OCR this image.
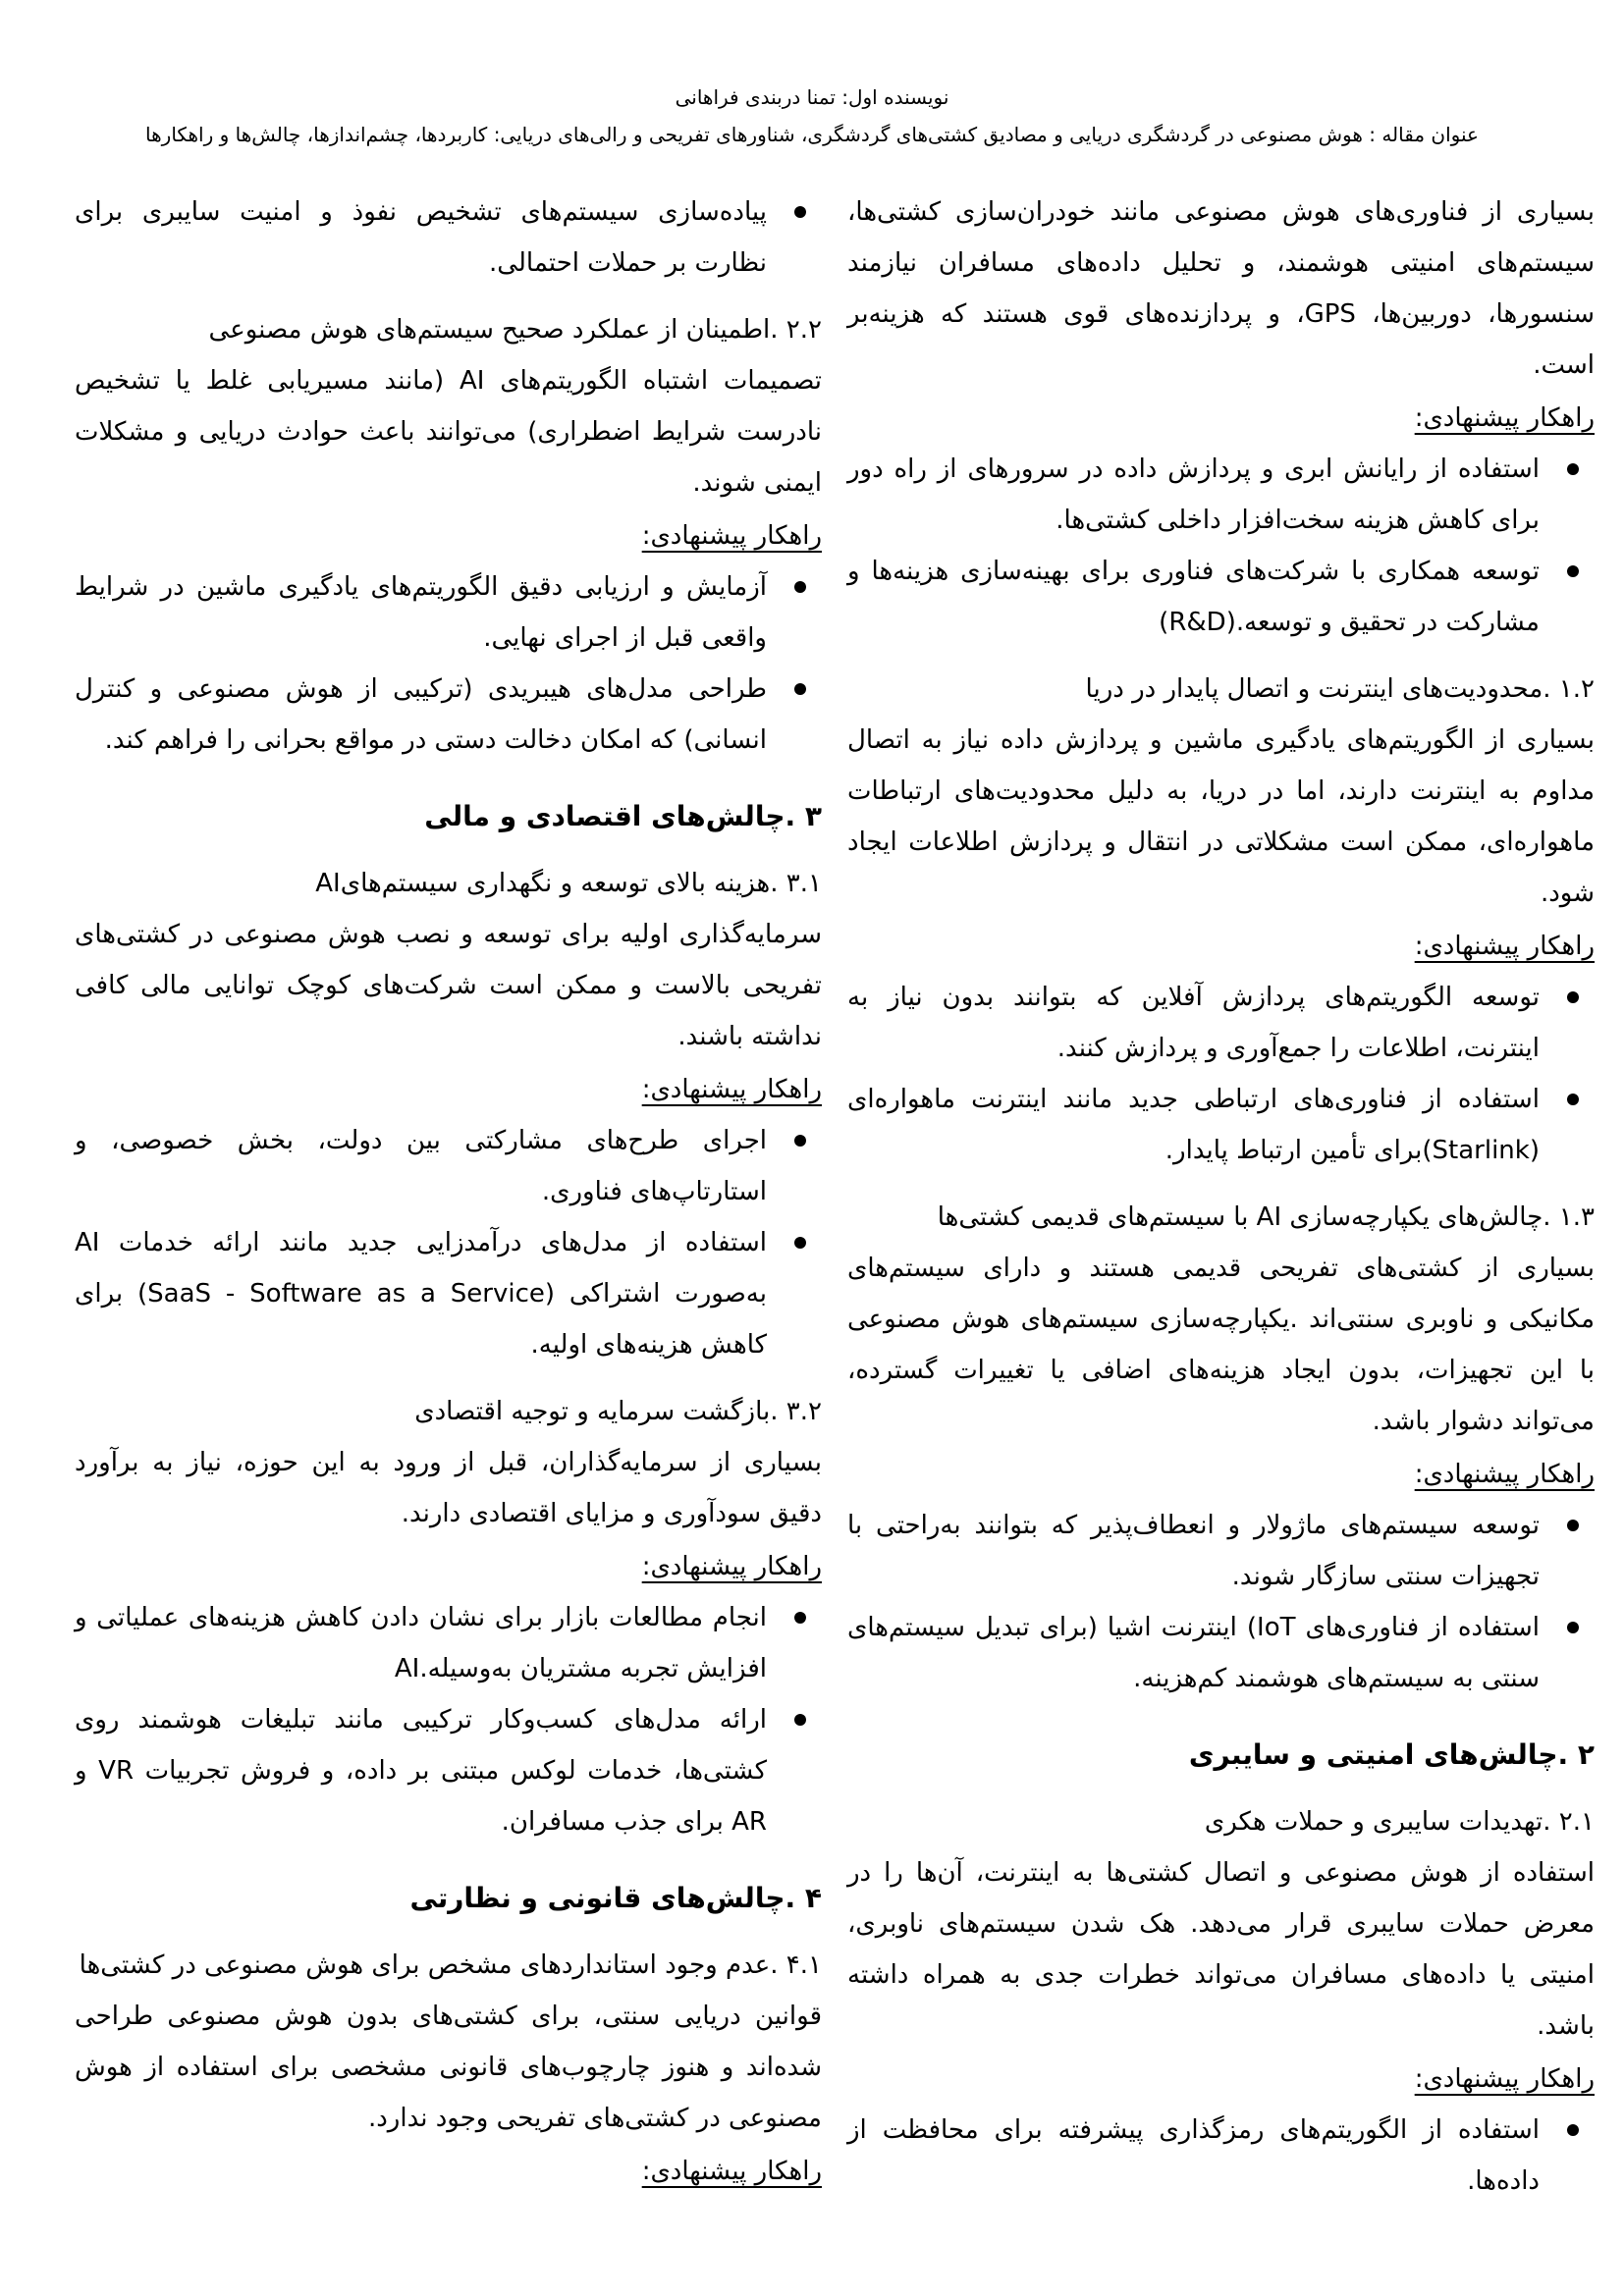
نویسنده اول: تمنا دربندی فراهانی
عنوان مقاله : هوش مصنوعی در گردشگری دریایی و مصادیق کشتی‌های گردشگری، شناورهای تفریحی و رالی‌های دریایی: کاربردها، چشم‌اندازها، چالش‌ها و راهکارها

بسیاری از فناوری‌های هوش مصنوعی مانند خودران‌سازی کشتی‌ها، سیستم‌های امنیتی هوشمند، و تحلیل داده‌های مسافران نیازمند سنسورها، دوربین‌ها، GPS، و پردازنده‌های قوی هستند که هزینه‌بر است.

راهکار پیشنهادی:

استفاده از رایانش ابری و پردازش داده در سرورهای از راه دور برای کاهش هزینه سخت‌افزار داخلی کشتی‌ها.
توسعه همکاری با شرکت‌های فناوری برای بهینه‌سازی هزینه‌ها و مشارکت در تحقیق و توسعه.(R&D)
۱.۲ .محدودیت‌های اینترنت و اتصال پایدار در دریا

بسیاری از الگوریتم‌های یادگیری ماشین و پردازش داده نیاز به اتصال مداوم به اینترنت دارند، اما در دریا، به دلیل محدودیت‌های ارتباطات ماهواره‌ای، ممکن است مشکلاتی در انتقال و پردازش اطلاعات ایجاد شود.

راهکار پیشنهادی:

توسعه الگوریتم‌های پردازش آفلاین که بتوانند بدون نیاز به اینترنت، اطلاعات را جمع‌آوری و پردازش کنند.
استفاده از فناوری‌های ارتباطی جدید مانند اینترنت ماهواره‌ای (Starlink)برای تأمین ارتباط پایدار.
۱.۳ .چالش‌های یکپارچه‌سازی AI با سیستم‌های قدیمی کشتی‌ها

بسیاری از کشتی‌های تفریحی قدیمی هستند و دارای سیستم‌های مکانیکی و ناوبری سنتی‌اند .یکپارچه‌سازی سیستم‌های هوش مصنوعی با این تجهیزات، بدون ایجاد هزینه‌های اضافی یا تغییرات گسترده، می‌تواند دشوار باشد.

راهکار پیشنهادی:

توسعه سیستم‌های ماژولار و انعطاف‌پذیر که بتوانند به‌راحتی با تجهیزات سنتی سازگار شوند.
استفاده از فناوری‌های IoT) اینترنت اشیا (برای تبدیل سیستم‌های سنتی به سیستم‌های هوشمند کم‌هزینه.
۲ .چالش‌های امنیتی و سایبری
۲.۱ .تهدیدات سایبری و حملات هکری

استفاده از هوش مصنوعی و اتصال کشتی‌ها به اینترنت، آن‌ها را در معرض حملات سایبری قرار می‌دهد. هک شدن سیستم‌های ناوبری، امنیتی یا داده‌های مسافران می‌تواند خطرات جدی به همراه داشته باشد.

راهکار پیشنهادی:

استفاده از الگوریتم‌های رمزگذاری پیشرفته برای محافظت از داده‌ها.
پیاده‌سازی سیستم‌های تشخیص نفوذ و امنیت سایبری برای نظارت بر حملات احتمالی.
۲.۲ .اطمینان از عملکرد صحیح سیستم‌های هوش مصنوعی

تصمیمات اشتباه الگوریتم‌های AI (مانند مسیریابی غلط یا تشخیص نادرست شرایط اضطراری) می‌توانند باعث حوادث دریایی و مشکلات ایمنی شوند.

راهکار پیشنهادی:

آزمایش و ارزیابی دقیق الگوریتم‌های یادگیری ماشین در شرایط واقعی قبل از اجرای نهایی.
طراحی مدل‌های هیبریدی (ترکیبی از هوش مصنوعی و کنترل انسانی) که امکان دخالت دستی در مواقع بحرانی را فراهم کند.
۳ .چالش‌های اقتصادی و مالی
۳.۱ .هزینه بالای توسعه و نگهداری سیستم‌هایAI

سرمایه‌گذاری اولیه برای توسعه و نصب هوش مصنوعی در کشتی‌های تفریحی بالاست و ممکن است شرکت‌های کوچک توانایی مالی کافی نداشته باشند.

راهکار پیشنهادی:

اجرای طرح‌های مشارکتی بین دولت، بخش خصوصی، و استارتاپ‌های فناوری.
استفاده از مدل‌های درآمدزایی جدید مانند ارائه خدمات AI به‌صورت اشتراکی (SaaS - Software as a Service) برای کاهش هزینه‌های اولیه.
۳.۲ .بازگشت سرمایه و توجیه اقتصادی

بسیاری از سرمایه‌گذاران، قبل از ورود به این حوزه، نیاز به برآورد دقیق سودآوری و مزایای اقتصادی دارند.

راهکار پیشنهادی:

انجام مطالعات بازار برای نشان دادن کاهش هزینه‌های عملیاتی و افزایش تجربه مشتریان به‌وسیله.AI
ارائه مدل‌های کسب‌وکار ترکیبی مانند تبلیغات هوشمند روی کشتی‌ها، خدمات لوکس مبتنی بر داده، و فروش تجربیات VR و AR برای جذب مسافران.
۴ .چالش‌های قانونی و نظارتی
۴.۱ .عدم وجود استانداردهای مشخص برای هوش مصنوعی در کشتی‌ها

قوانین دریایی سنتی، برای کشتی‌های بدون هوش مصنوعی طراحی شده‌اند و هنوز چارچوب‌های قانونی مشخصی برای استفاده از هوش مصنوعی در کشتی‌های تفریحی وجود ندارد.

راهکار پیشنهادی:
